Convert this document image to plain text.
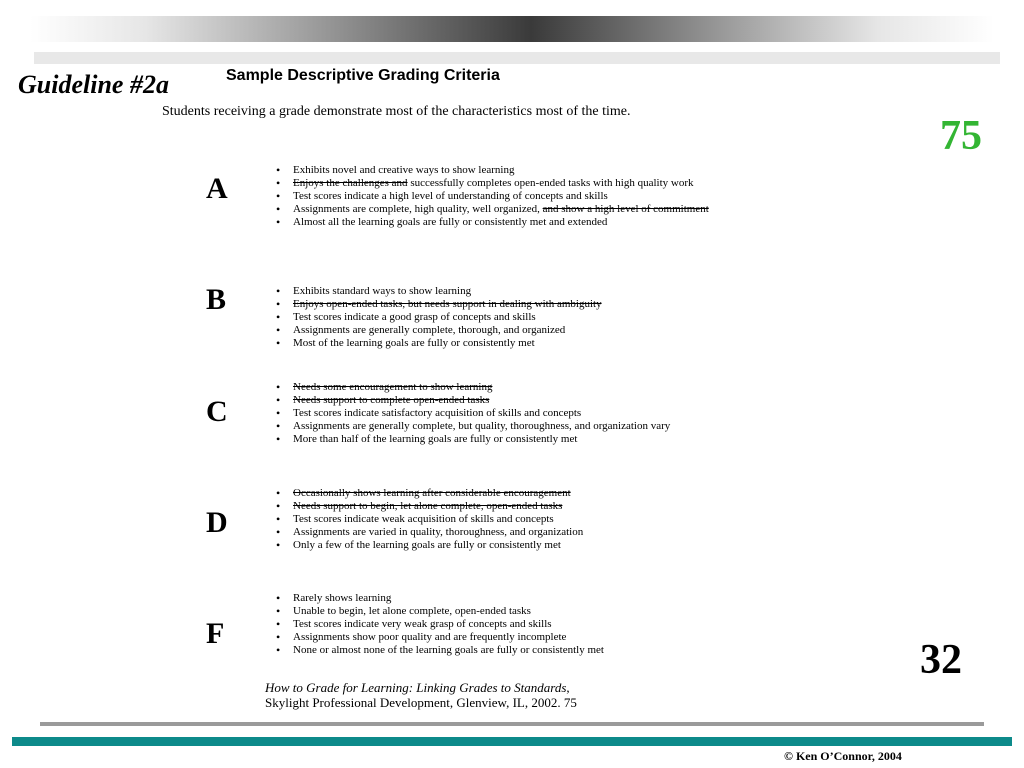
Guideline #2a	Sample Descriptive Grading Criteria
Students receiving a grade demonstrate most of the characteristics most of the time.
75
A
• Exhibits novel and creative ways to show learning
• Enjoys the challenges and successfully completes open-ended tasks with high quality work
• Test scores indicate a high level of understanding of concepts and skills
• Assignments are complete, high quality, well organized, and show a high level of commitment
• Almost all the learning goals are fully or consistently met and extended
B
•	Exhibits standard ways to show learning
• Enjoys open-ended tasks, but needs support in dealing with ambiguity
• Test scores indicate a good grasp of concepts and skills
• Assignments are generally complete, thorough, and organized
• Most of the learning goals are fully or consistently met
C
• Needs some encouragement to show learning
• Needs support to complete open-ended tasks
• Test scores indicate satisfactory acquisition of skills and concepts
• Assignments are generally complete, but quality, thoroughness, and organization vary
• More than half of the learning goals are fully or consistently met
D
• Occasionally shows learning after considerable encouragement
• Needs support to begin, let alone complete, open-ended tasks
• Test scores indicate weak acquisition of skills and concepts
• Assignments are varied in quality, thoroughness, and organization
• Only a few of the learning goals are fully or consistently met
F
• Rarely shows learning
• Unable to begin, let alone complete, open-ended tasks
• Test scores indicate very weak grasp of concepts and skills
• Assignments show poor quality and are frequently incomplete
• None or almost none of the learning goals are fully or consistently met	32
How to Grade for Learning: Linking Grades to Standards,
Skylight Professional Development, Glenview, IL, 2002. 75
© Ken O’Connor, 2004
